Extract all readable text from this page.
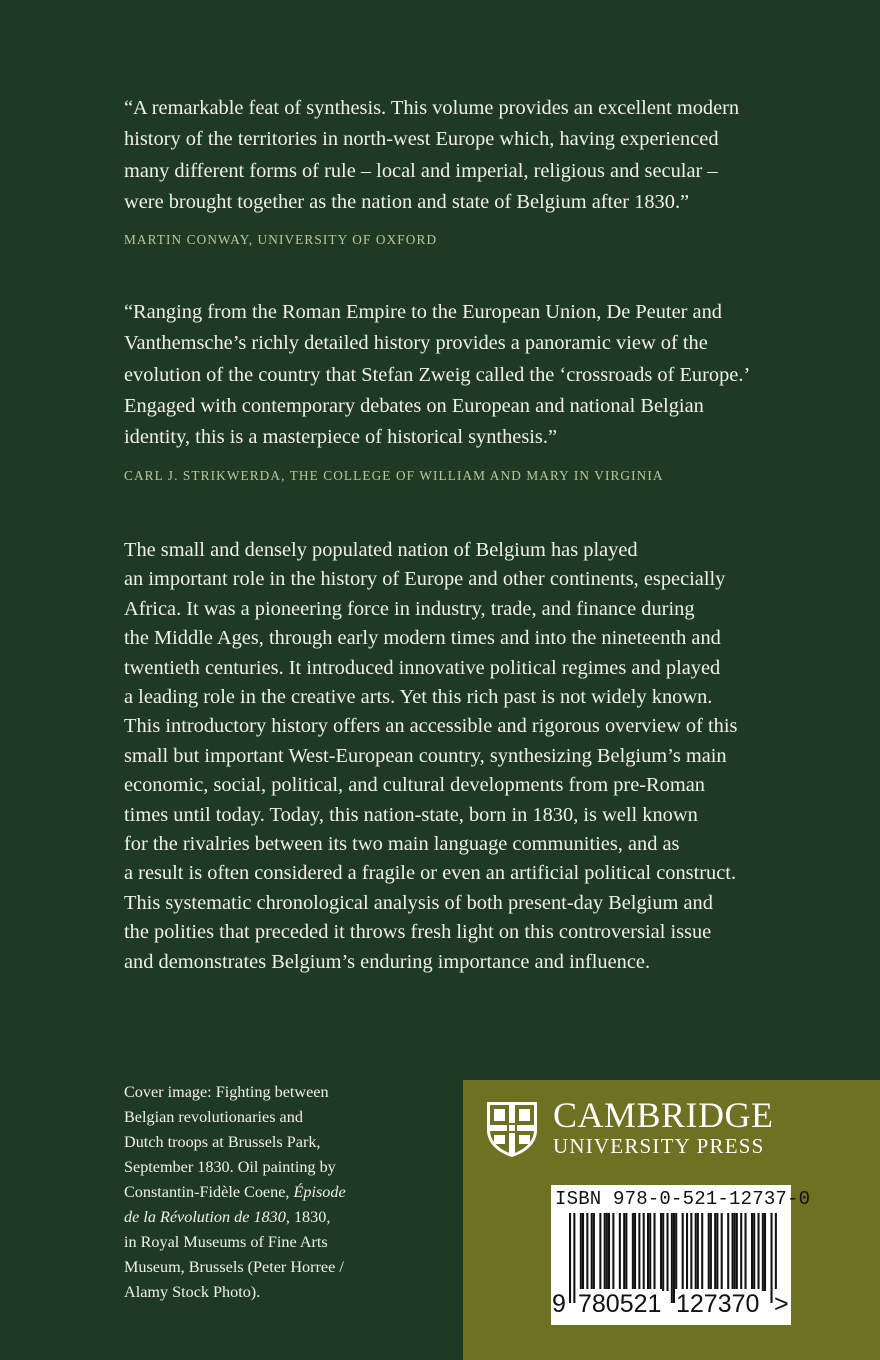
“A remarkable feat of synthesis. This volume provides an excellent modern
history of the territories in north-west Europe which, having experienced
many different forms of rule – local and imperial, religious and secular –
were brought together as the nation and state of Belgium after 1830.”
MARTIN CONWAY, UNIVERSITY OF OXFORD
“Ranging from the Roman Empire to the European Union, De Peuter and
Vanthemsche’s richly detailed history provides a panoramic view of the
evolution of the country that Stefan Zweig called the ‘crossroads of Europe.’
Engaged with contemporary debates on European and national Belgian
identity, this is a masterpiece of historical synthesis.”
CARL J. STRIKWERDA, THE COLLEGE OF WILLIAM AND MARY IN VIRGINIA
The small and densely populated nation of Belgium has played
an important role in the history of Europe and other continents, especially
Africa. It was a pioneering force in industry, trade, and finance during
the Middle Ages, through early modern times and into the nineteenth and
twentieth centuries. It introduced innovative political regimes and played
a leading role in the creative arts. Yet this rich past is not widely known.
This introductory history offers an accessible and rigorous overview of this
small but important West-European country, synthesizing Belgium’s main
economic, social, political, and cultural developments from pre-Roman
times until today. Today, this nation-state, born in 1830, is well known
for the rivalries between its two main language communities, and as
a result is often considered a fragile or even an artificial political construct.
This systematic chronological analysis of both present-day Belgium and
the polities that preceded it throws fresh light on this controversial issue
and demonstrates Belgium’s enduring importance and influence.
Cover image: Fighting between
Belgian revolutionaries and
Dutch troops at Brussels Park,
September 1830. Oil painting by
Constantin-Fidèle Coene, Épisode
de la Révolution de 1830, 1830,
in Royal Museums of Fine Arts
Museum, Brussels (Peter Horree /
Alamy Stock Photo).
CAMBRIDGE
UNIVERSITY PRESS
ISBN 978-0-521-12737-0
9 780521 127370 >
